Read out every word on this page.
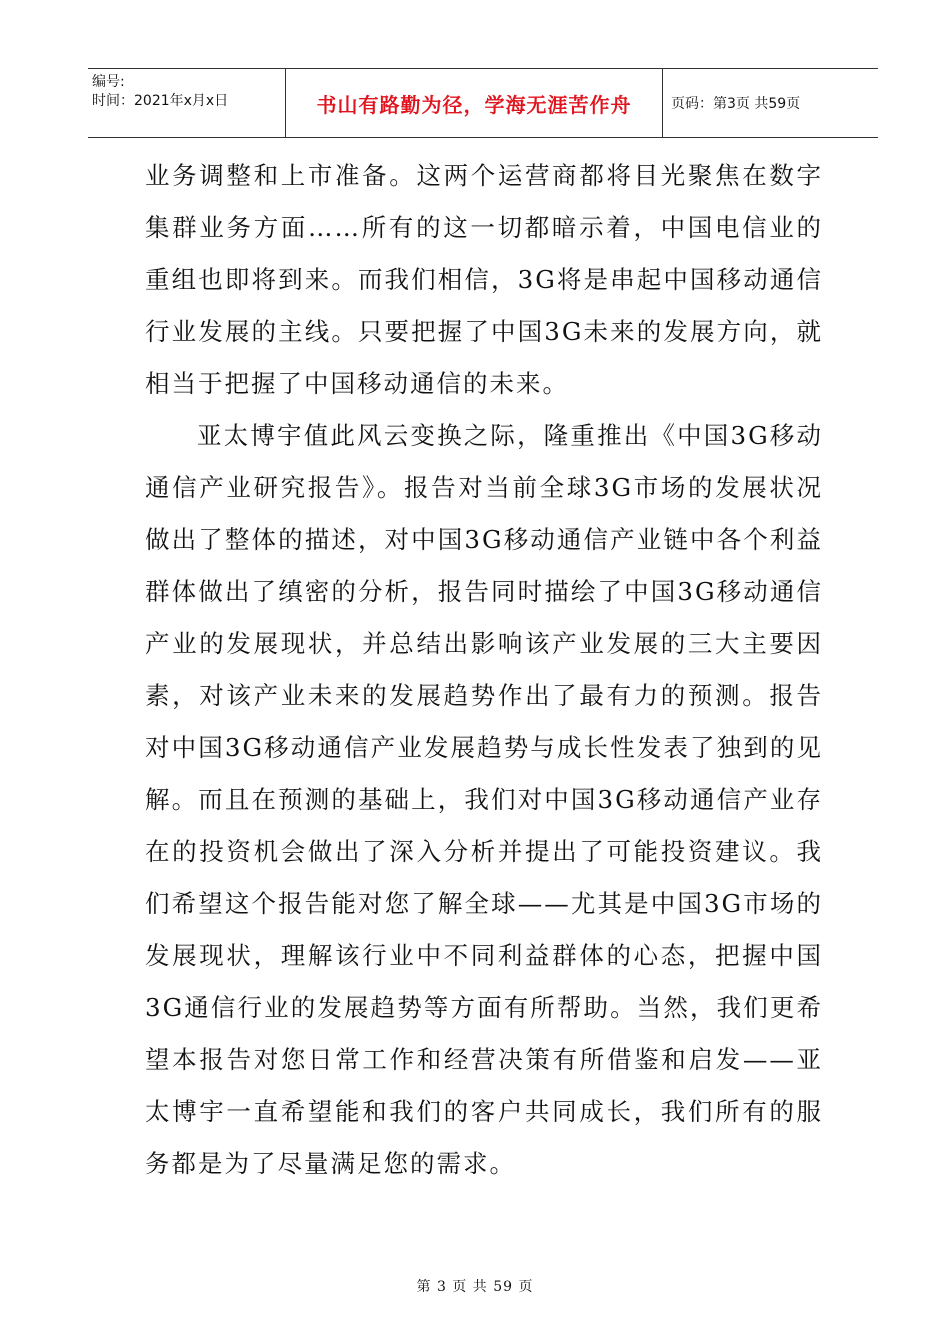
编号:
时间：2021年x月x日	书山有路勤为径，学海无涯苦作舟	页码：第3页 共59页

业务调整和上市准备。这两个运营商都将目光聚焦在数字集群业务方面……所有的这一切都暗示着，中国电信业的重组也即将到来。而我们相信，3G将是串起中国移动通信行业发展的主线。只要把握了中国3G未来的发展方向，就相当于把握了中国移动通信的未来。

亚太博宇值此风云变换之际，隆重推出《中国3G移动通信产业研究报告》。报告对当前全球3G市场的发展状况做出了整体的描述，对中国3G移动通信产业链中各个利益群体做出了缜密的分析，报告同时描绘了中国3G移动通信产业的发展现状，并总结出影响该产业发展的三大主要因素，对该产业未来的发展趋势作出了最有力的预测。报告对中国3G移动通信产业发展趋势与成长性发表了独到的见解。而且在预测的基础上，我们对中国3G移动通信产业存在的投资机会做出了深入分析并提出了可能投资建议。我们希望这个报告能对您了解全球——尤其是中国3G市场的发展现状，理解该行业中不同利益群体的心态，把握中国3G通信行业的发展趋势等方面有所帮助。当然，我们更希望本报告对您日常工作和经营决策有所借鉴和启发——亚太博宇一直希望能和我们的客户共同成长，我们所有的服务都是为了尽量满足您的需求。

第 3 页 共 59 页
